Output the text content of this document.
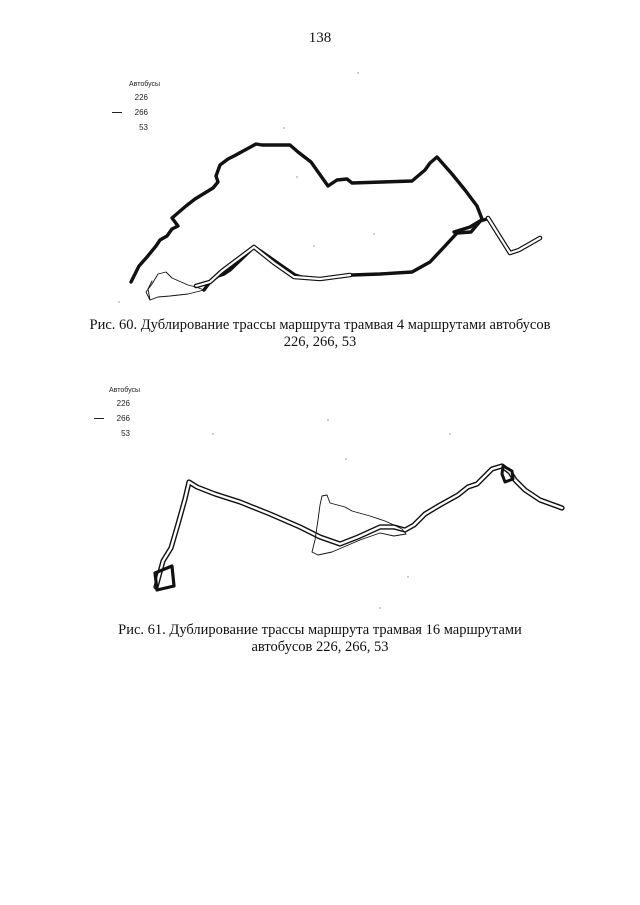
138
Автобусы
226
266
53
Автобусы
226
266
53
Рис. 60. Дублирование трассы маршрута трамвая 4 маршрутами автобусов
226, 266, 53
Рис. 61. Дублирование трассы маршрута трамвая 16 маршрутами
автобусов 226, 266, 53
